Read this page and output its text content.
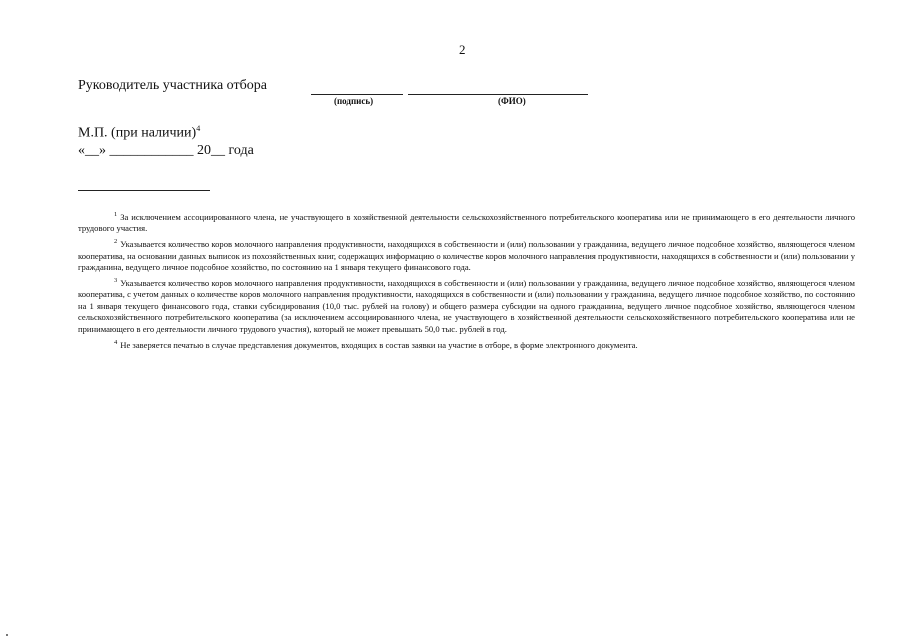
2
Руководитель участника отбора
(подпись)	(ФИО)
М.П. (при наличии)$^4$
«__» ____________ 20__ года

$^1$ За исключением ассоциированного члена, не участвующего в хозяйственной деятельности сельскохозяйственного потребительского кооператива или не принимающего в его деятельности личного трудового участия.

$^2$ Указывается количество коров молочного направления продуктивности, находящихся в собственности и (или) пользовании у гражданина, ведущего личное подсобное хозяйство, являющегося членом кооператива, на основании данных выписок из похозяйственных книг, содержащих информацию о количестве коров молочного направления продуктивности, находящихся в собственности и (или) пользовании у гражданина, ведущего личное подсобное хозяйство, по состоянию на 1 января текущего финансового года.

$^3$ Указывается количество коров молочного направления продуктивности, находящихся в собственности и (или) пользовании у гражданина, ведущего личное подсобное хозяйство, являющегося членом кооператива, с учетом данных о количестве коров молочного направления продуктивности, находящихся в собственности и (или) пользовании у гражданина, ведущего личное подсобное хозяйство, по состоянию на 1 января текущего финансового года, ставки субсидирования (10,0 тыс. рублей на голову) и общего размера субсидии на одного гражданина, ведущего личное подсобное хозяйство, являющегося членом сельскохозяйственного потребительского кооператива (за исключением ассоциированного члена, не участвующего в хозяйственной деятельности сельскохозяйственного потребительского кооператива или не принимающего в его деятельности личного трудового участия), который не может превышать 50,0 тыс. рублей в год.

$^4$ Не заверяется печатью в случае представления документов, входящих в состав заявки на участие в отборе, в форме электронного документа.
